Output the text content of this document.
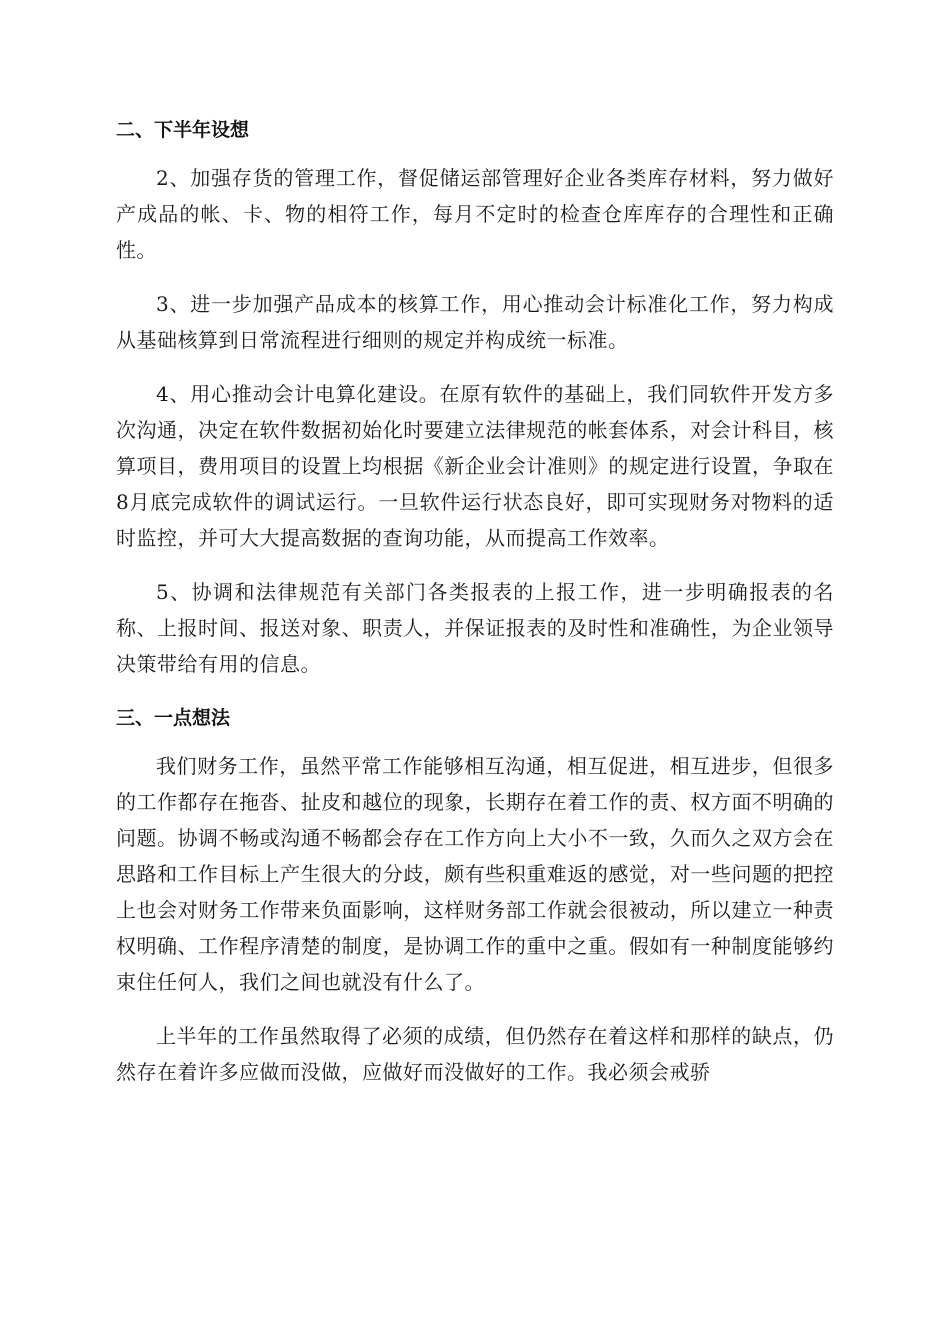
二、下半年设想

2、加强存货的管理工作，督促储运部管理好企业各类库存材料，努力做好产成品的帐、卡、物的相符工作，每月不定时的检查仓库库存的合理性和正确性。

3、进一步加强产品成本的核算工作，用心推动会计标准化工作，努力构成从基础核算到日常流程进行细则的规定并构成统一标准。

4、用心推动会计电算化建设。在原有软件的基础上，我们同软件开发方多次沟通，决定在软件数据初始化时要建立法律规范的帐套体系，对会计科目，核算项目，费用项目的设置上均根据《新企业会计准则》的规定进行设置，争取在8月底完成软件的调试运行。一旦软件运行状态良好，即可实现财务对物料的适时监控，并可大大提高数据的查询功能，从而提高工作效率。

5、协调和法律规范有关部门各类报表的上报工作，进一步明确报表的名称、上报时间、报送对象、职责人，并保证报表的及时性和准确性，为企业领导决策带给有用的信息。

三、一点想法

我们财务工作，虽然平常工作能够相互沟通，相互促进，相互进步，但很多的工作都存在拖沓、扯皮和越位的现象，长期存在着工作的责、权方面不明确的问题。协调不畅或沟通不畅都会存在工作方向上大小不一致，久而久之双方会在思路和工作目标上产生很大的分歧，颇有些积重难返的感觉，对一些问题的把控上也会对财务工作带来负面影响，这样财务部工作就会很被动，所以建立一种责权明确、工作程序清楚的制度，是协调工作的重中之重。假如有一种制度能够约束住任何人，我们之间也就没有什么了。

上半年的工作虽然取得了必须的成绩，但仍然存在着这样和那样的缺点，仍然存在着许多应做而没做，应做好而没做好的工作。我必须会戒骄
